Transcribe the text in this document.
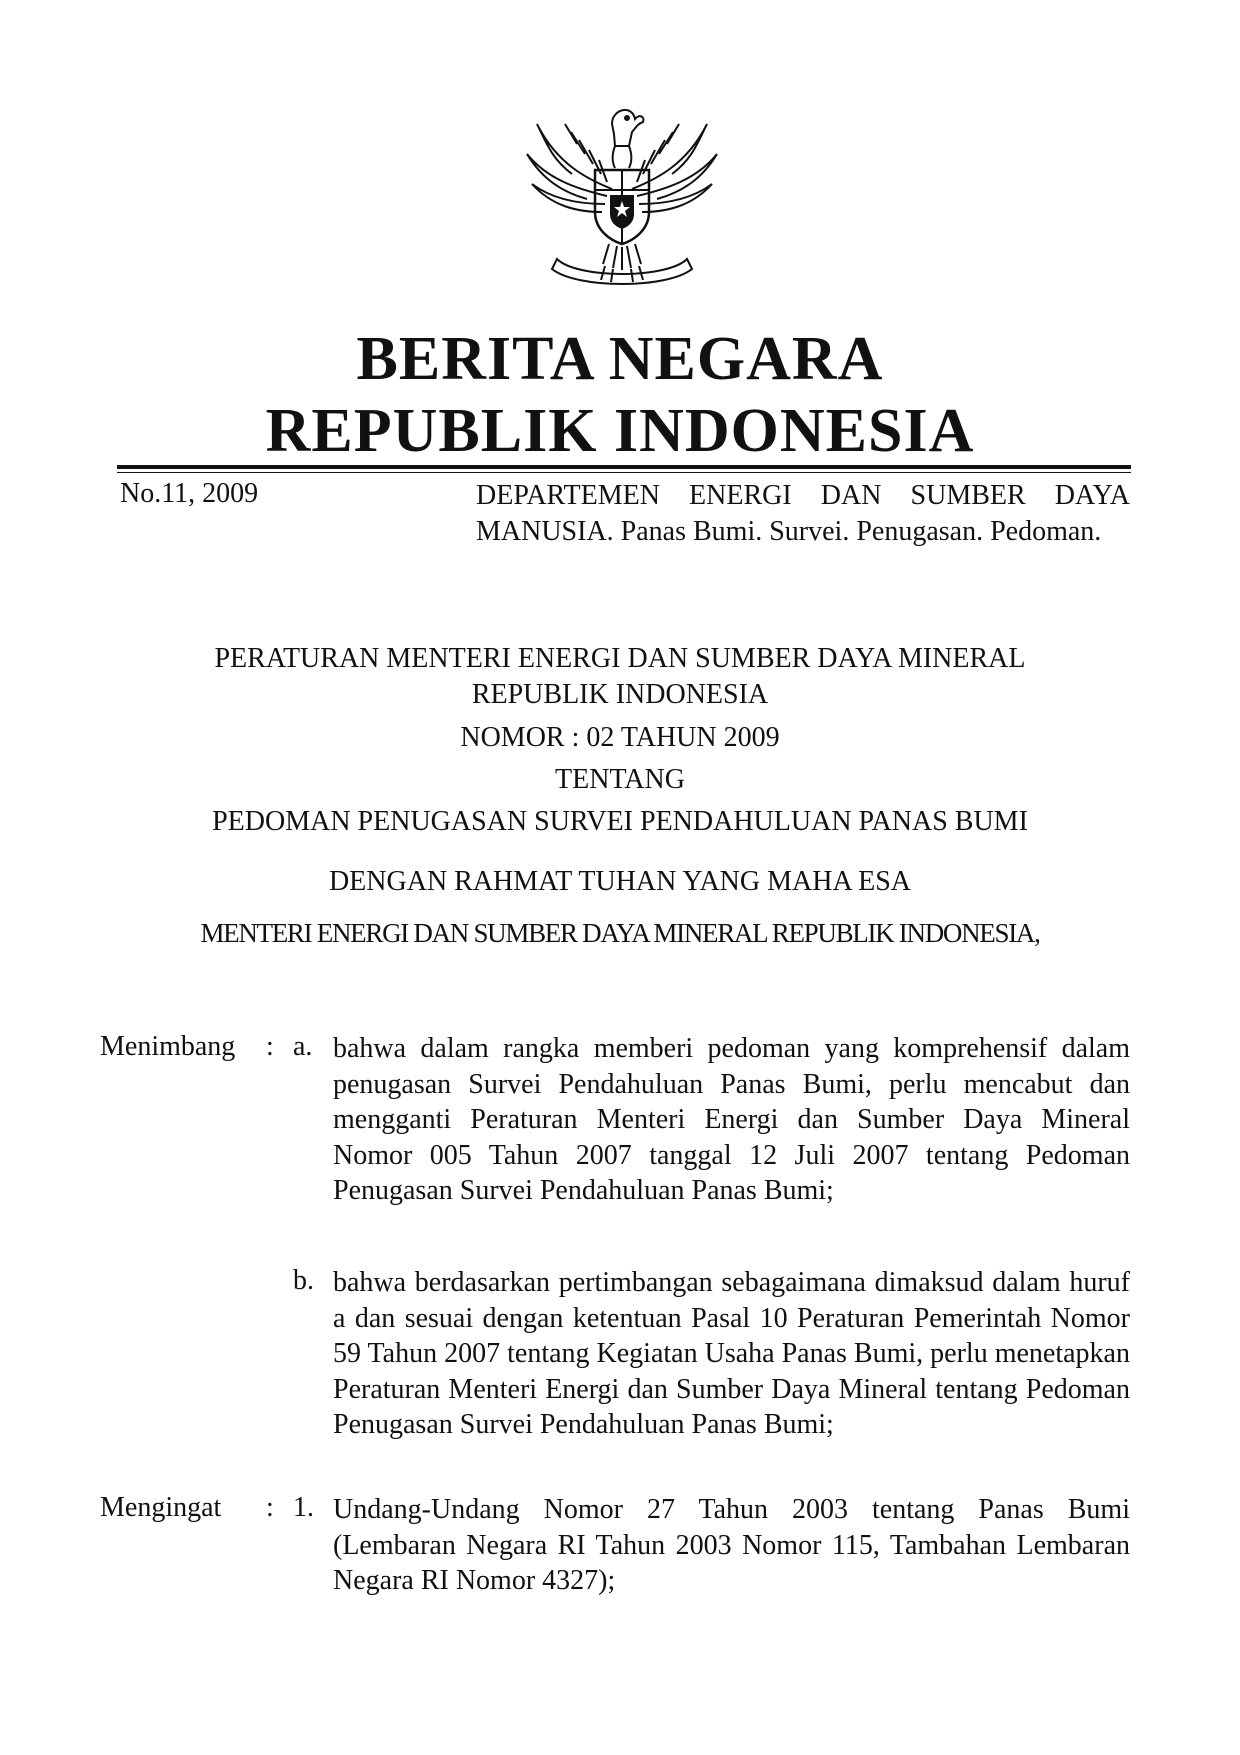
BERITA NEGARA
REPUBLIK INDONESIA
No.11, 2009	DEPARTEMEN ENERGI DAN SUMBER DAYA MANUSIA. Panas Bumi. Survei. Penugasan. Pedoman.
PERATURAN MENTERI ENERGI DAN SUMBER DAYA MINERAL
REPUBLIK INDONESIA
NOMOR : 02 TAHUN 2009
TENTANG
PEDOMAN PENUGASAN SURVEI PENDAHULUAN PANAS BUMI
DENGAN RAHMAT TUHAN YANG MAHA ESA
MENTERI ENERGI DAN SUMBER DAYA MINERAL REPUBLIK INDONESIA,
Menimbang : a. bahwa dalam rangka memberi pedoman yang komprehensif dalam penugasan Survei Pendahuluan Panas Bumi, perlu mencabut dan mengganti Peraturan Menteri Energi dan Sumber Daya Mineral Nomor 005 Tahun 2007 tanggal 12 Juli 2007 tentang Pedoman Penugasan Survei Pendahuluan Panas Bumi;
b. bahwa berdasarkan pertimbangan sebagaimana dimaksud dalam huruf a dan sesuai dengan ketentuan Pasal 10 Peraturan Pemerintah Nomor 59 Tahun 2007 tentang Kegiatan Usaha Panas Bumi, perlu menetapkan Peraturan Menteri Energi dan Sumber Daya Mineral tentang Pedoman Penugasan Survei Pendahuluan Panas Bumi;
Mengingat : 1. Undang-Undang Nomor 27 Tahun 2003 tentang Panas Bumi (Lembaran Negara RI Tahun 2003 Nomor 115, Tambahan Lembaran Negara RI Nomor 4327);
